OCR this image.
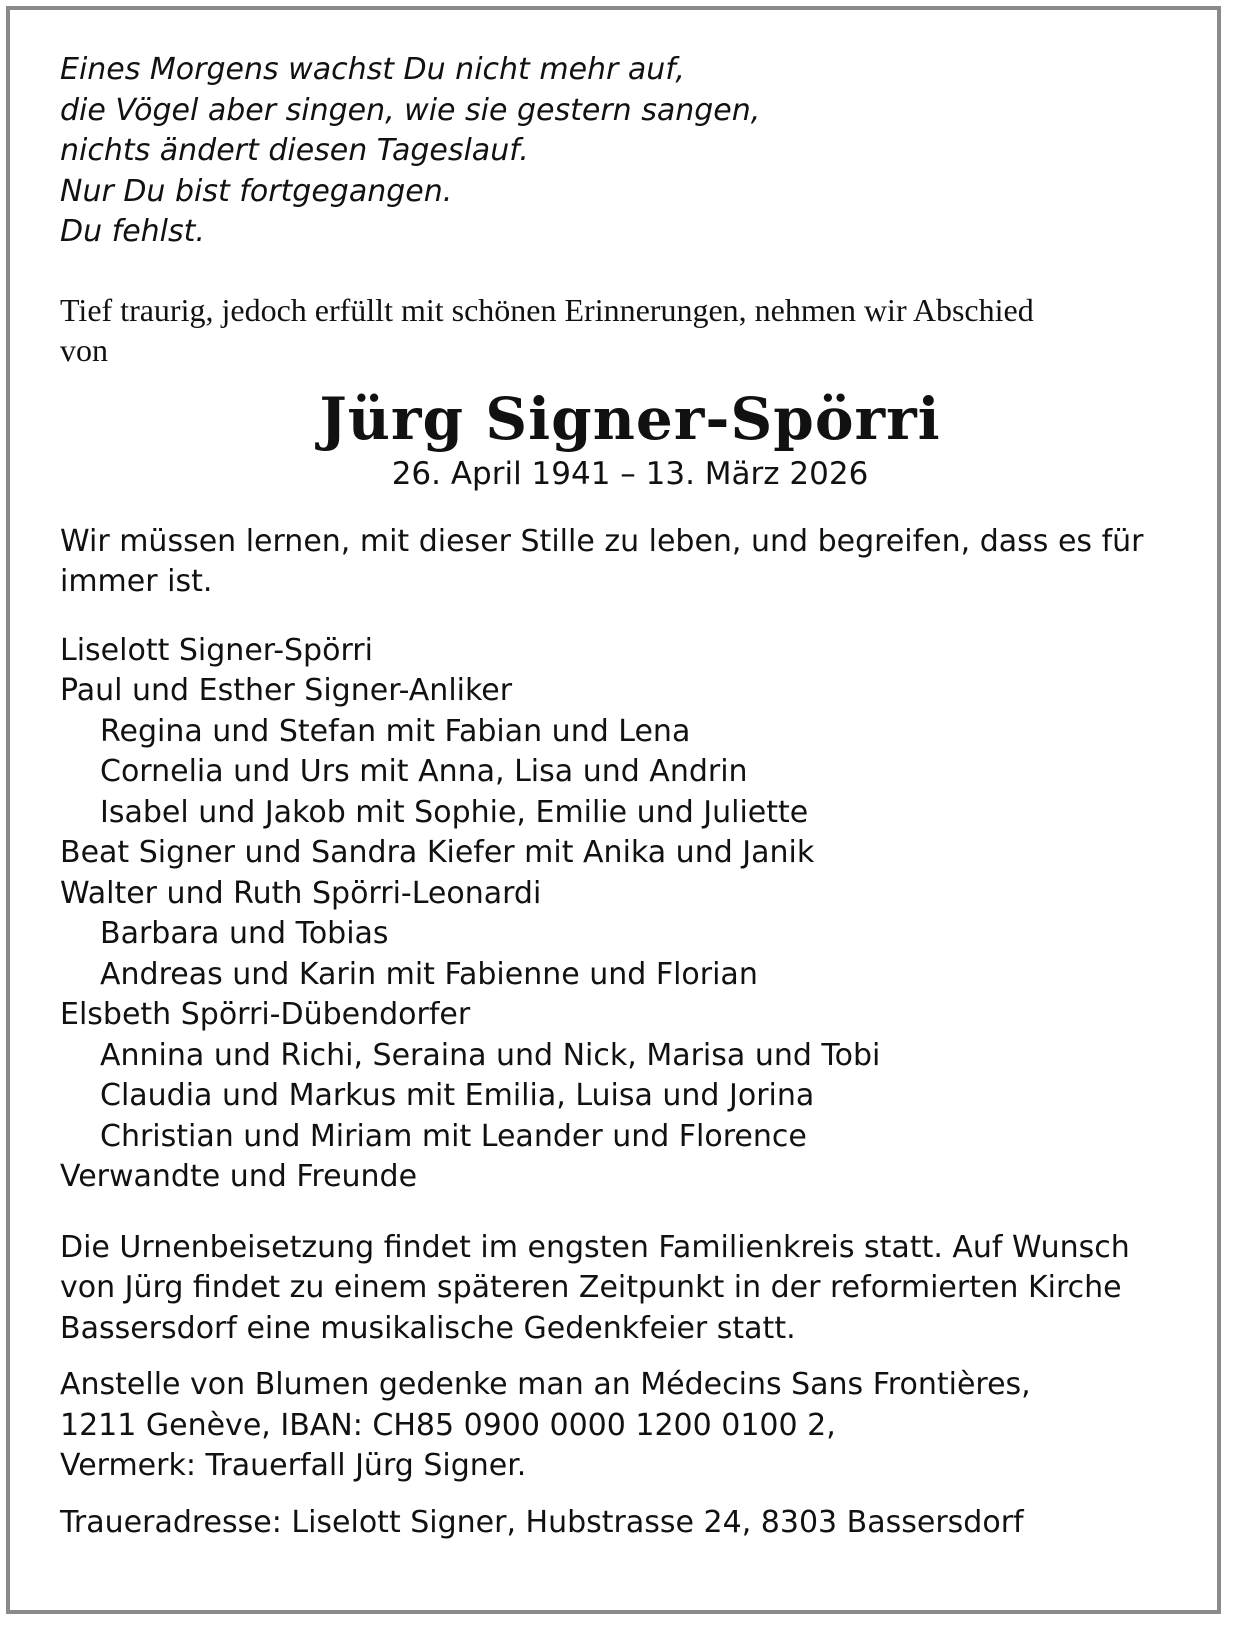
Eines Morgens wachst Du nicht mehr auf,
die Vögel aber singen, wie sie gestern sangen,
nichts ändert diesen Tageslauf.
Nur Du bist fortgegangen.
Du fehlst.
Tief traurig, jedoch erfüllt mit schönen Erinnerungen, nehmen wir Abschied
von
Jürg Signer-Spörri
26. April 1941 – 13. März 2026
Wir müssen lernen, mit dieser Stille zu leben, und begreifen, dass es für
immer ist.
Liselott Signer-Spörri
Paul und Esther Signer-Anliker
Regina und Stefan mit Fabian und Lena
Cornelia und Urs mit Anna, Lisa und Andrin
Isabel und Jakob mit Sophie, Emilie und Juliette
Beat Signer und Sandra Kiefer mit Anika und Janik
Walter und Ruth Spörri-Leonardi
Barbara und Tobias
Andreas und Karin mit Fabienne und Florian
Elsbeth Spörri-Dübendorfer
Annina und Richi, Seraina und Nick, Marisa und Tobi
Claudia und Markus mit Emilia, Luisa und Jorina
Christian und Miriam mit Leander und Florence
Verwandte und Freunde
Die Urnenbeisetzung findet im engsten Familienkreis statt. Auf Wunsch
von Jürg findet zu einem späteren Zeitpunkt in der reformierten Kirche
Bassersdorf eine musikalische Gedenkfeier statt.
Anstelle von Blumen gedenke man an Médecins Sans Frontières,
1211 Genève, IBAN: CH85 0900 0000 1200 0100 2,
Vermerk: Trauerfall Jürg Signer.
Traueradresse: Liselott Signer, Hubstrasse 24, 8303 Bassersdorf
